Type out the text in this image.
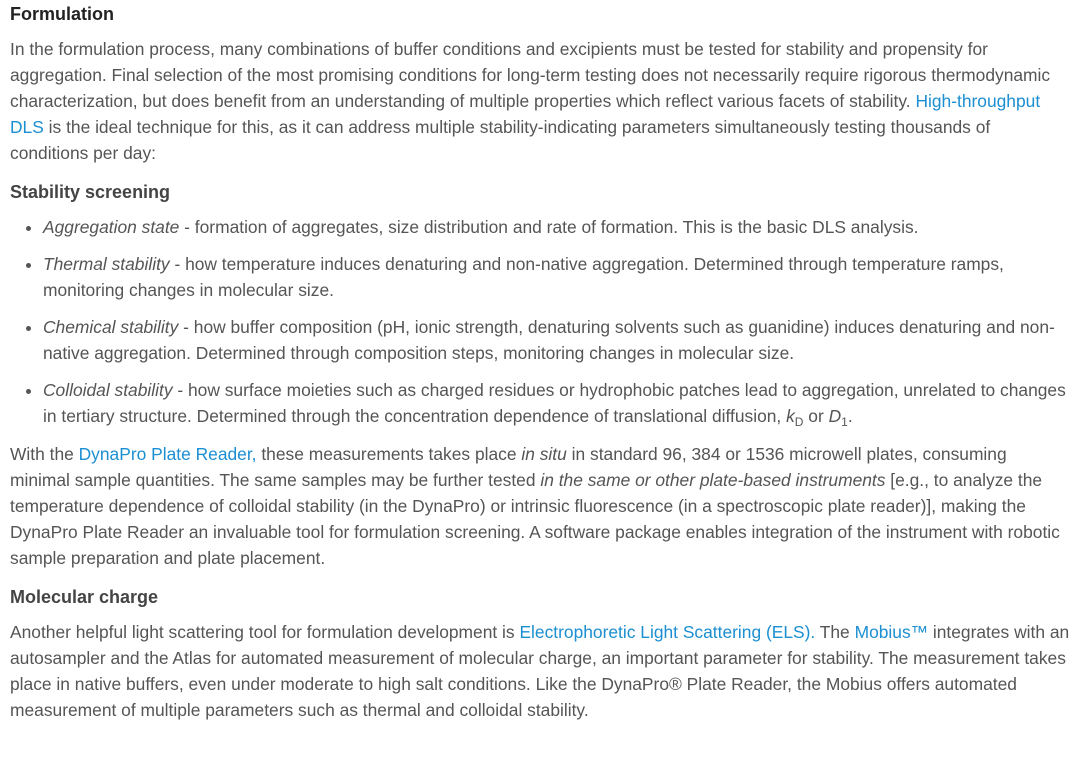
Formulation

In the formulation process, many combinations of buffer conditions and excipients must be tested for stability and propensity for aggregation. Final selection of the most promising conditions for long-term testing does not necessarily require rigorous thermodynamic characterization, but does benefit from an understanding of multiple properties which reflect various facets of stability. High-throughput DLS is the ideal technique for this, as it can address multiple stability-indicating parameters simultaneously testing thousands of conditions per day:

Stability screening
• Aggregation state - formation of aggregates, size distribution and rate of formation. This is the basic DLS analysis.
• Thermal stability - how temperature induces denaturing and non-native aggregation. Determined through temperature ramps, monitoring changes in molecular size.
• Chemical stability - how buffer composition (pH, ionic strength, denaturing solvents such as guanidine) induces denaturing and non-native aggregation. Determined through composition steps, monitoring changes in molecular size.
• Colloidal stability - how surface moieties such as charged residues or hydrophobic patches lead to aggregation, unrelated to changes in tertiary structure. Determined through the concentration dependence of translational diffusion, $k_D$ or $D_1$.

With the DynaPro Plate Reader, these measurements takes place in situ in standard 96, 384 or 1536 microwell plates, consuming minimal sample quantities. The same samples may be further tested in the same or other plate-based instruments [e.g., to analyze the temperature dependence of colloidal stability (in the DynaPro) or intrinsic fluorescence (in a spectroscopic plate reader)], making the DynaPro Plate Reader an invaluable tool for formulation screening. A software package enables integration of the instrument with robotic sample preparation and plate placement.

Molecular charge

Another helpful light scattering tool for formulation development is Electrophoretic Light Scattering (ELS). The Mobius™ integrates with an autosampler and the Atlas for automated measurement of molecular charge, an important parameter for stability. The measurement takes place in native buffers, even under moderate to high salt conditions. Like the DynaPro® Plate Reader, the Mobius offers automated measurement of multiple parameters such as thermal and colloidal stability.
